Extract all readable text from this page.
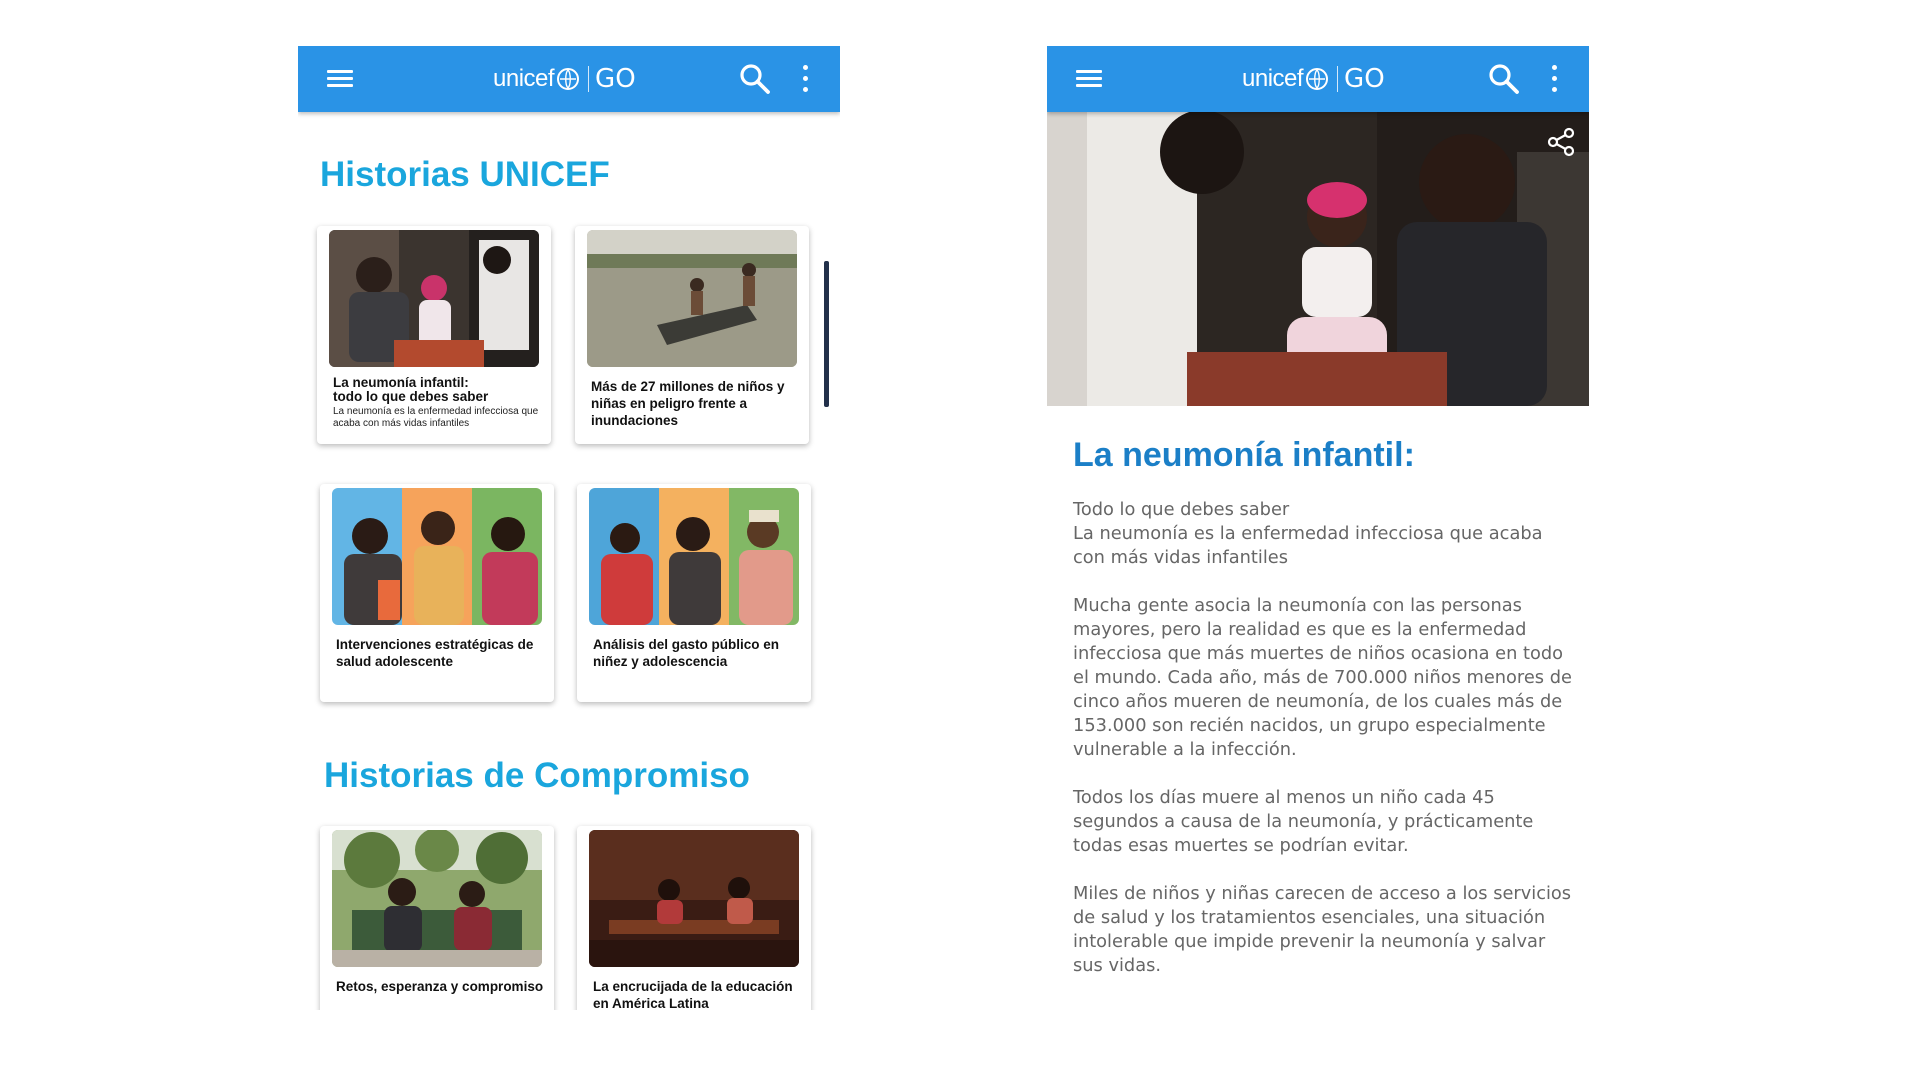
unicef GO
Historias UNICEF
La neumonía infantil:
todo lo que debes saber
La neumonía es la enfermedad infecciosa que acaba con más vidas infantiles
Más de 27 millones de niños y niñas en peligro frente a inundaciones
Intervenciones estratégicas de salud adolescente
Análisis del gasto público en niñez y adolescencia
Historias de Compromiso
Retos, esperanza y compromiso	La encrucijada de la educación en América Latina
unicef GO
La neumonía infantil:

Todo lo que debes saber
La neumonía es la enfermedad infecciosa que acaba con más vidas infantiles

Mucha gente asocia la neumonía con las personas mayores, pero la realidad es que es la enfermedad infecciosa que más muertes de niños ocasiona en todo el mundo. Cada año, más de 700.000 niños menores de cinco años mueren de neumonía, de los cuales más de 153.000 son recién nacidos, un grupo especialmente vulnerable a la infección.

Todos los días muere al menos un niño cada 45 segundos a causa de la neumonía, y prácticamente todas esas muertes se podrían evitar.

Miles de niños y niñas carecen de acceso a los servicios de salud y los tratamientos esenciales, una situación intolerable que impide prevenir la neumonía y salvar sus vidas.
